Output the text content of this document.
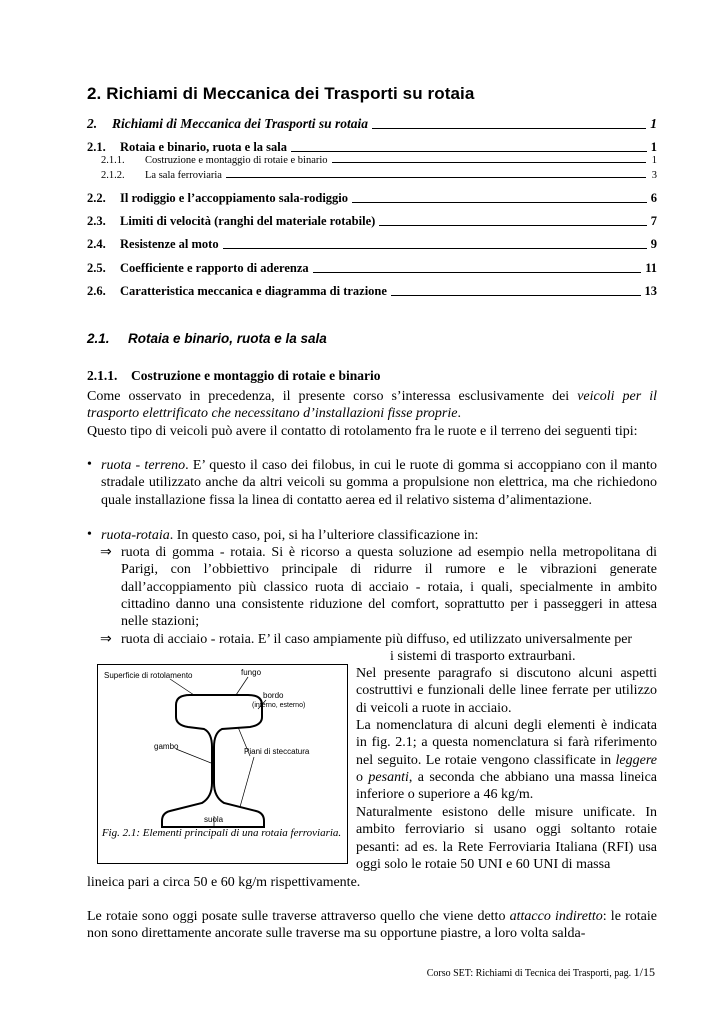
2. Richiami di Meccanica dei Trasporti su rotaia
2.	Richiami di Meccanica dei Trasporti su rotaia	1
2.1.	Rotaia e binario, ruota e la sala	1
2.1.1.	Costruzione e montaggio di rotaie e binario	1
2.1.2.	La sala ferroviaria	3
2.2.	Il rodiggio e l’accoppiamento sala-rodiggio	6
2.3.	Limiti di velocità (ranghi del materiale rotabile)	7
2.4.	Resistenze al moto	9
2.5.	Coefficiente e rapporto di aderenza	11
2.6.	Caratteristica meccanica e diagramma di trazione	13
2.1. Rotaia e binario, ruota e la sala
2.1.1. Costruzione e montaggio di rotaie e binario
Come osservato in precedenza, il presente corso s’interessa esclusivamente dei veicoli per il trasporto elettrificato che necessitano d’installazioni fisse proprie.
Questo tipo di veicoli può avere il contatto di rotolamento fra le ruote e il terreno dei seguenti tipi:
• ruota - terreno. E’ questo il caso dei filobus, in cui le ruote di gomma si accoppiano con il manto stradale utilizzato anche da altri veicoli su gomma a propulsione non elettrica, ma che richiedono quale installazione fissa la linea di contatto aerea ed il relativo sistema d’alimentazione.
• ruota-rotaia. In questo caso, poi, si ha l’ulteriore classificazione in:
⇒ ruota di gomma - rotaia. Si è ricorso a questa soluzione ad esempio nella metropolitana di Parigi, con l’obbiettivo principale di ridurre il rumore e le vibrazioni generate dall’accoppiamento più classico ruota di acciaio - rotaia, i quali, specialmente in ambito cittadino danno una consistente riduzione del comfort, soprattutto per i passeggeri in attesa nelle stazioni;
⇒ ruota di acciaio - rotaia. E’ il caso ampiamente più diffuso, ed utilizzato universalmente per
i sistemi di trasporto extraurbani.
Nel presente paragrafo si discutono alcuni aspetti costruttivi e funzionali delle linee ferrate per utilizzo di veicoli a ruote in acciaio.
La nomenclatura di alcuni degli elementi è indicata in fig. 2.1; a questa nomenclatura si farà riferimento nel seguito. Le rotaie vengono classificate in leggere o pesanti, a seconda che abbiano una massa lineica inferiore o superiore a 46 kg/m.
Naturalmente esistono delle misure unificate. In ambito ferroviario si usano oggi soltanto rotaie pesanti: ad es. la Rete Ferroviaria Italiana (RFI) usa oggi solo le rotaie 50 UNI e 60 UNI di massa
lineica pari a circa 50 e 60 kg/m rispettivamente.
Le rotaie sono oggi posate sulle traverse attraverso quello che viene detto attacco indiretto: le rotaie non sono direttamente ancorate sulle traverse ma su opportune piastre, a loro volta salda-
Superficie di rotolamento	fungo
bordo
(interno, esterno)
gambo
Piani di steccatura
suola
Fig. 2.1: Elementi principali di una rotaia ferroviaria.
Corso SET: Richiami di Tecnica dei Trasporti, pag. 1/15
